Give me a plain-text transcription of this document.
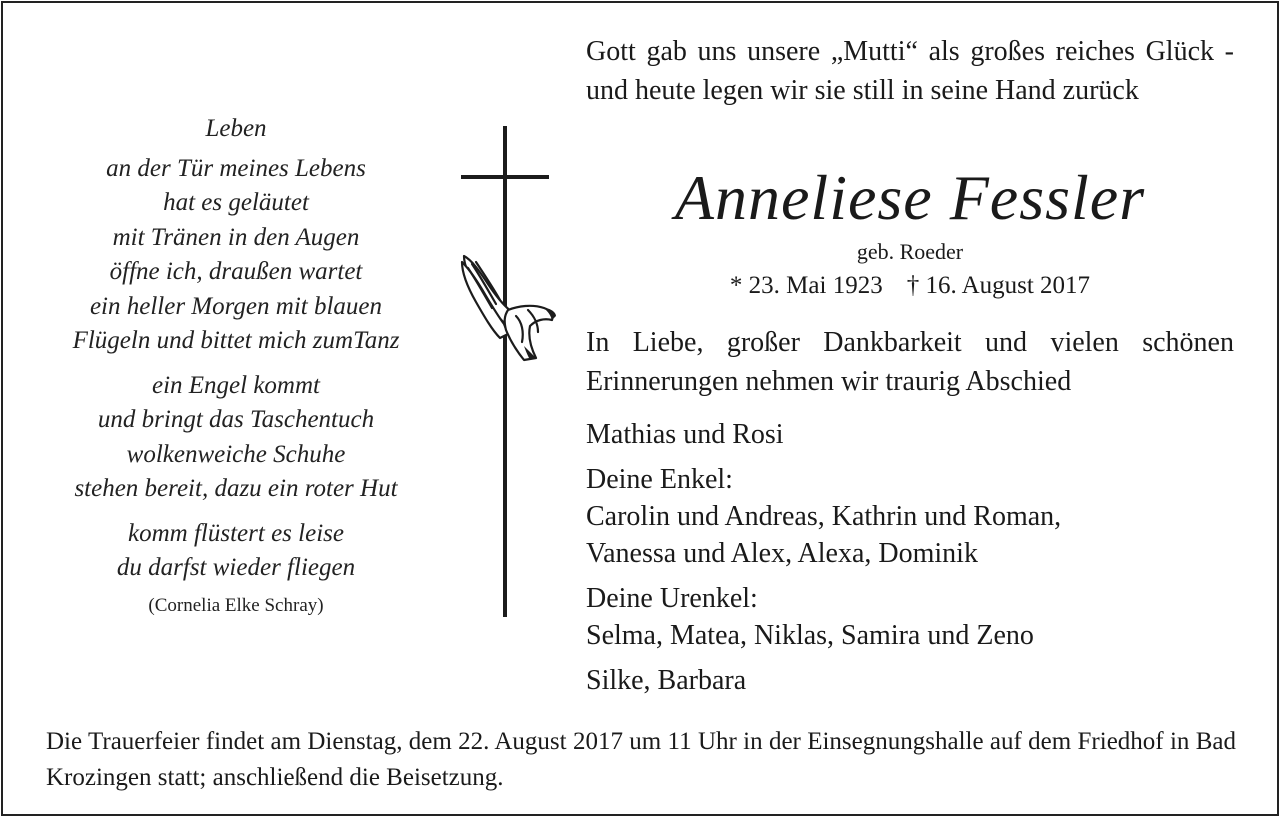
Leben
an der Tür meines Lebens
hat es geläutet
mit Tränen in den Augen
öffne ich, draußen wartet
ein heller Morgen mit blauen
Flügeln und bittet mich zumTanz
ein Engel kommt
und bringt das Taschentuch
wolkenweiche Schuhe
stehen bereit, dazu ein roter Hut
komm flüstert es leise
du darfst wieder fliegen
(Cornelia Elke Schray)
Gott gab uns unsere „Mutti“ als großes reiches Glück - und heute legen wir sie still in seine Hand zurück
Anneliese Fessler
geb. Roeder
* 23. Mai 1923 † 16. August 2017
In Liebe, großer Dankbarkeit und vielen schönen Erinnerungen nehmen wir traurig Abschied
Mathias und Rosi
Deine Enkel:
Carolin und Andreas, Kathrin und Roman,
Vanessa und Alex, Alexa, Dominik
Deine Urenkel:
Selma, Matea, Niklas, Samira und Zeno
Silke, Barbara
Die Trauerfeier findet am Dienstag, dem 22. August 2017 um 11 Uhr in der Einsegnungshalle auf dem Friedhof in Bad Krozingen statt; anschließend die Beisetzung.
